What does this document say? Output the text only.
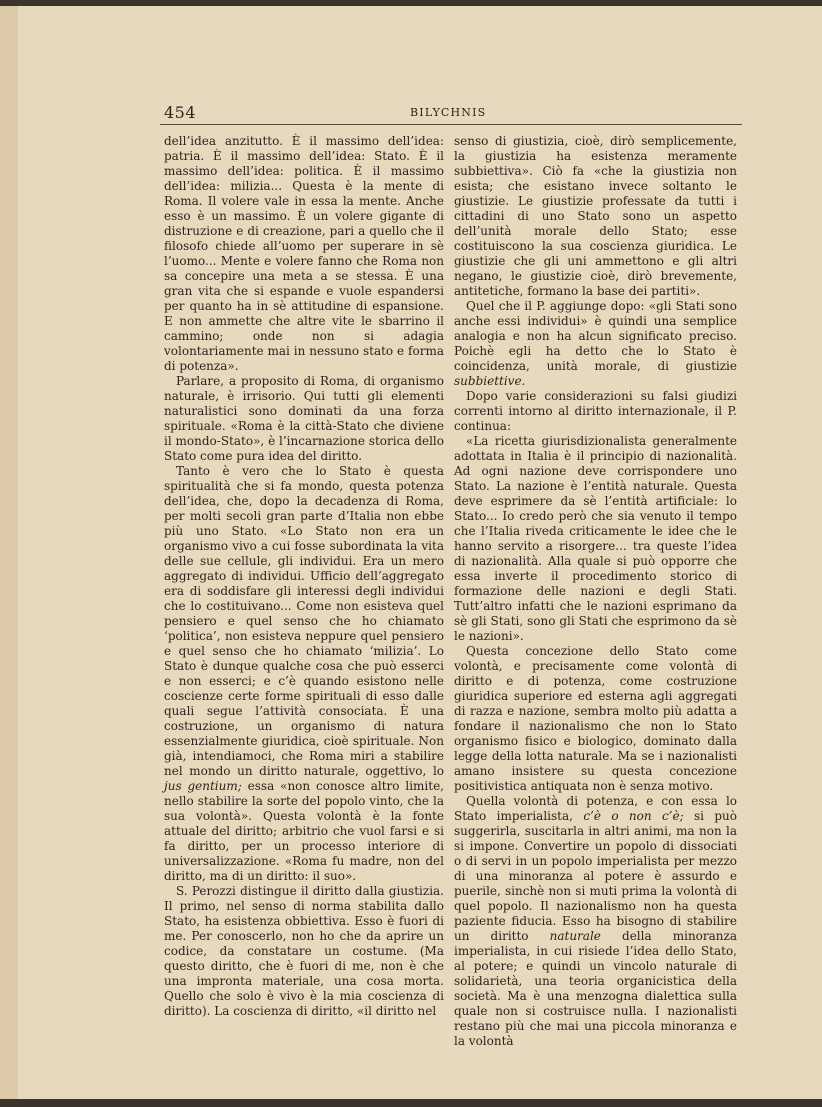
454	BILYCHNIS

dell’idea anzitutto. È il massimo dell’idea: patria. È il massimo dell’idea: Stato. È il massimo dell’idea: politica. È il massimo dell’idea: milizia... Questa è la mente di Roma. Il volere vale in essa la mente. Anche esso è un massimo. È un volere gigante di distruzione e di creazione, pari a quello che il filosofo chiede all’uomo per superare in sè l’uomo... Mente e volere fanno che Roma non sa concepire una meta a se stessa. È una gran vita che si espande e vuole espandersi per quanto ha in sè attitudine di espansione. E non ammette che altre vite le sbarrino il cammino; onde non si adagia volontariamente mai in nessuno stato e forma di potenza».

Parlare, a proposito di Roma, di organismo naturale, è irrisorio. Qui tutti gli elementi naturalistici sono dominati da una forza spirituale. «Roma è la città-Stato che diviene il mondo-Stato», è l’incarnazione storica dello Stato come pura idea del diritto.

Tanto è vero che lo Stato è questa spiritualità che si fa mondo, questa potenza dell’idea, che, dopo la decadenza di Roma, per molti secoli gran parte d’Italia non ebbe più uno Stato. «Lo Stato non era un organismo vivo a cui fosse subordinata la vita delle sue cellule, gli individui. Era un mero aggregato di individui. Ufficio dell’aggregato era di soddisfare gli interessi degli individui che lo costituivano... Come non esisteva quel pensiero e quel senso che ho chiamato ‘politica’, non esisteva neppure quel pensiero e quel senso che ho chiamato ‘milizia’. Lo Stato è dunque qualche cosa che può esserci e non esserci; e c’è quando esistono nelle coscienze certe forme spirituali di esso dalle quali segue l’attività consociata. È una costruzione, un organismo di natura essenzialmente giuridica, cioè spirituale. Non già, intendiamoci, che Roma miri a stabilire nel mondo un diritto naturale, oggettivo, lo jus gentium; essa «non conosce altro limite, nello stabilire la sorte del popolo vinto, che la sua volontà». Questa volontà è la fonte attuale del diritto; arbitrio che vuol farsi e si fa diritto, per un processo interiore di universalizzazione. «Roma fu madre, non del diritto, ma di un diritto: il suo».

S. Perozzi distingue il diritto dalla giustizia. Il primo, nel senso di norma stabilita dallo Stato, ha esistenza obbiettiva. Esso è fuori di me. Per conoscerlo, non ho che da aprire un codice, da constatare un costume. (Ma questo diritto, che è fuori di me, non è che una impronta materiale, una cosa morta. Quello che solo è vivo è la mia coscienza di diritto). La coscienza di diritto, «il diritto nel

senso di giustizia, cioè, dirò semplicemente, la giustizia ha esistenza meramente subbiettiva». Ciò fa «che la giustizia non esista; che esistano invece soltanto le giustizie. Le giustizie professate da tutti i cittadini di uno Stato sono un aspetto dell’unità morale dello Stato; esse costituiscono la sua coscienza giuridica. Le giustizie che gli uni ammettono e gli altri negano, le giustizie cioè, dirò brevemente, antitetiche, formano la base dei partiti».

Quel che il P. aggiunge dopo: «gli Stati sono anche essi individui» è quindi una semplice analogia e non ha alcun significato preciso. Poichè egli ha detto che lo Stato è coincidenza, unità morale, di giustizie subbiettive.

Dopo varie considerazioni su falsi giudizi correnti intorno al diritto internazionale, il P. continua:

«La ricetta giurisdizionalista generalmente adottata in Italia è il principio di nazionalità. Ad ogni nazione deve corrispondere uno Stato. La nazione è l’entità naturale. Questa deve esprimere da sè l’entità artificiale: lo Stato... Io credo però che sia venuto il tempo che l’Italia riveda criticamente le idee che le hanno servito a risorgere... tra queste l’idea di nazionalità. Alla quale si può opporre che essa inverte il procedimento storico di formazione delle nazioni e degli Stati. Tutt’altro infatti che le nazioni esprimano da sè gli Stati, sono gli Stati che esprimono da sè le nazioni».

Questa concezione dello Stato come volontà, e precisamente come volontà di diritto e di potenza, come costruzione giuridica superiore ed esterna agli aggregati di razza e nazione, sembra molto più adatta a fondare il nazionalismo che non lo Stato organismo fisico e biologico, dominato dalla legge della lotta naturale. Ma se i nazionalisti amano insistere su questa concezione positivistica antiquata non è senza motivo.

Quella volontà di potenza, e con essa lo Stato imperialista, c’è o non c’è; si può suggerirla, suscitarla in altri animi, ma non la si impone. Convertire un popolo di dissociati o di servi in un popolo imperialista per mezzo di una minoranza al potere è assurdo e puerile, sinchè non si muti prima la volontà di quel popolo. Il nazionalismo non ha questa paziente fiducia. Esso ha bisogno di stabilire un diritto naturale della minoranza imperialista, in cui risiede l’idea dello Stato, al potere; e quindi un vincolo naturale di solidarietà, una teoria organicistica della società. Ma è una menzogna dialettica sulla quale non si costruisce nulla. I nazionalisti restano più che mai una piccola minoranza e la volontà
